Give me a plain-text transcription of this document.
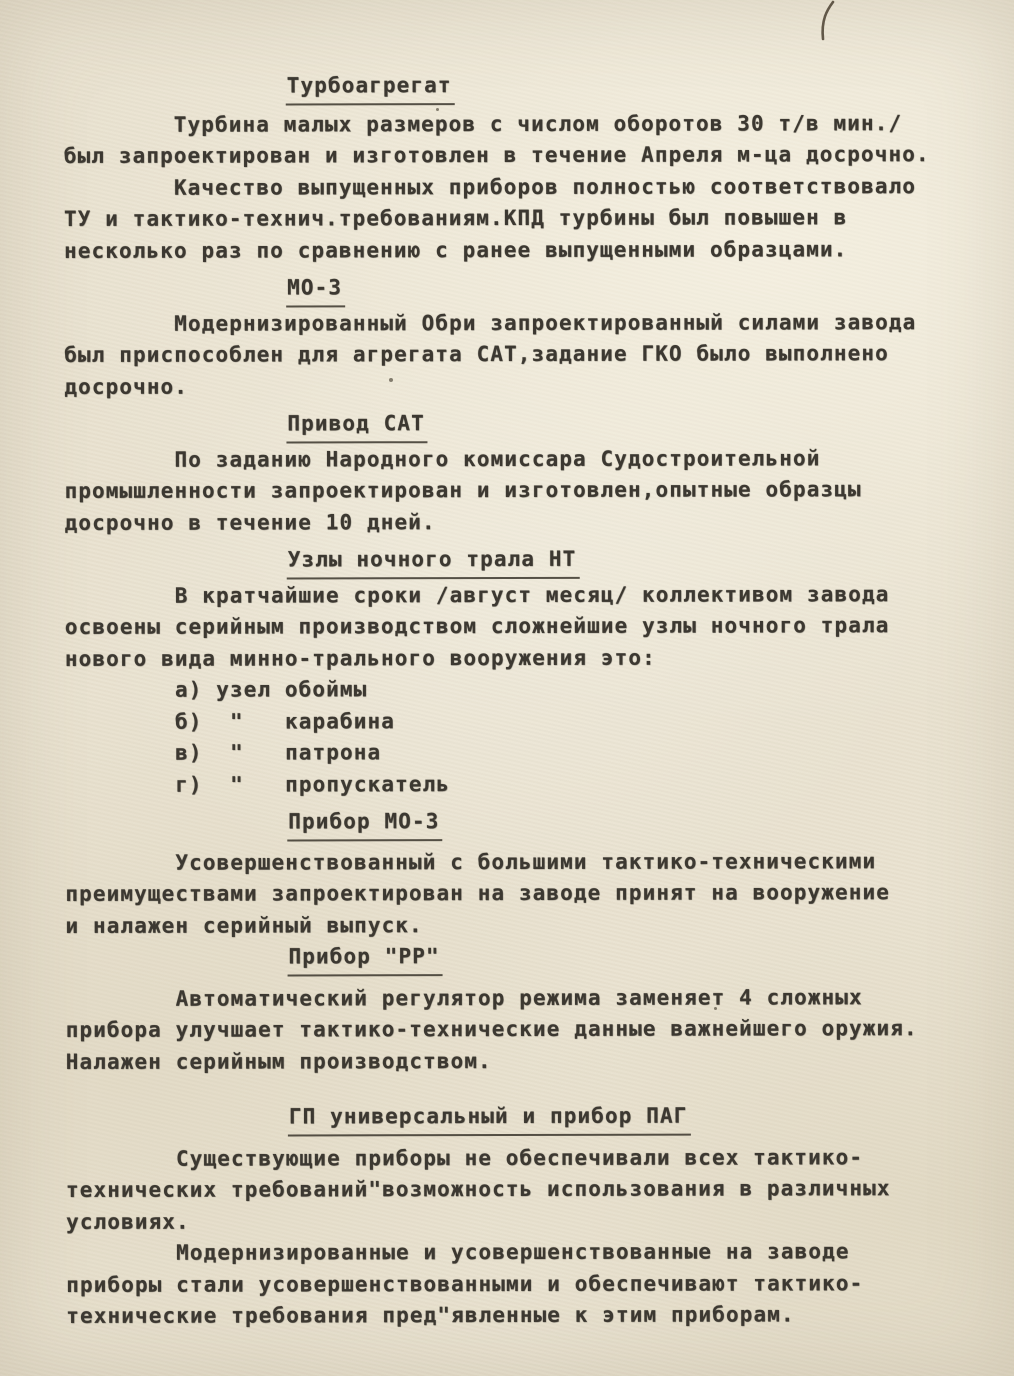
Турбоагрегат
Турбина малых размеров с числом оборотов 30 т/в мин./
был запроектирован и изготовлен в течение Апреля м-ца досрочно.
Качество выпущенных приборов полностью соответствовало
ТУ и тактико-технич.требованиям.КПД турбины был повышен в
несколько раз по сравнению с ранее выпущенными образцами.
МО-3
Модернизированный Обри запроектированный силами завода
был приспособлен для агрегата САТ,задание ГКО было выполнено
досрочно.
Привод САТ
По заданию Народного комиссара Судостроительной
промышленности запроектирован и изготовлен,опытные образцы
досрочно в течение 10 дней.
Узлы ночного трала НТ
В кратчайшие сроки /август месяц/ коллективом завода
освоены серийным производством сложнейшие узлы ночного трала
нового вида минно-трального вооружения это:
а) узел обоймы
б)  "   карабина
в)  "   патрона
г)  "   пропускатель
Прибор МО-3
Усовершенствованный с большими тактико-техническими
преимуществами запроектирован на заводе принят на вооружение
и налажен серийный выпуск.
Прибор "РР"
Автоматический регулятор режима заменяет 4 сложных
прибора улучшает тактико-технические данные важнейшего оружия.
Налажен серийным производством.
ГП универсальный и прибор ПАГ
Существующие приборы не обеспечивали всех тактико-
технических требований"возможность использования в различных
условиях.
Модернизированные и усовершенствованные на заводе
приборы стали усовершенствованными и обеспечивают тактико-
технические требования пред"явленные к этим приборам.
